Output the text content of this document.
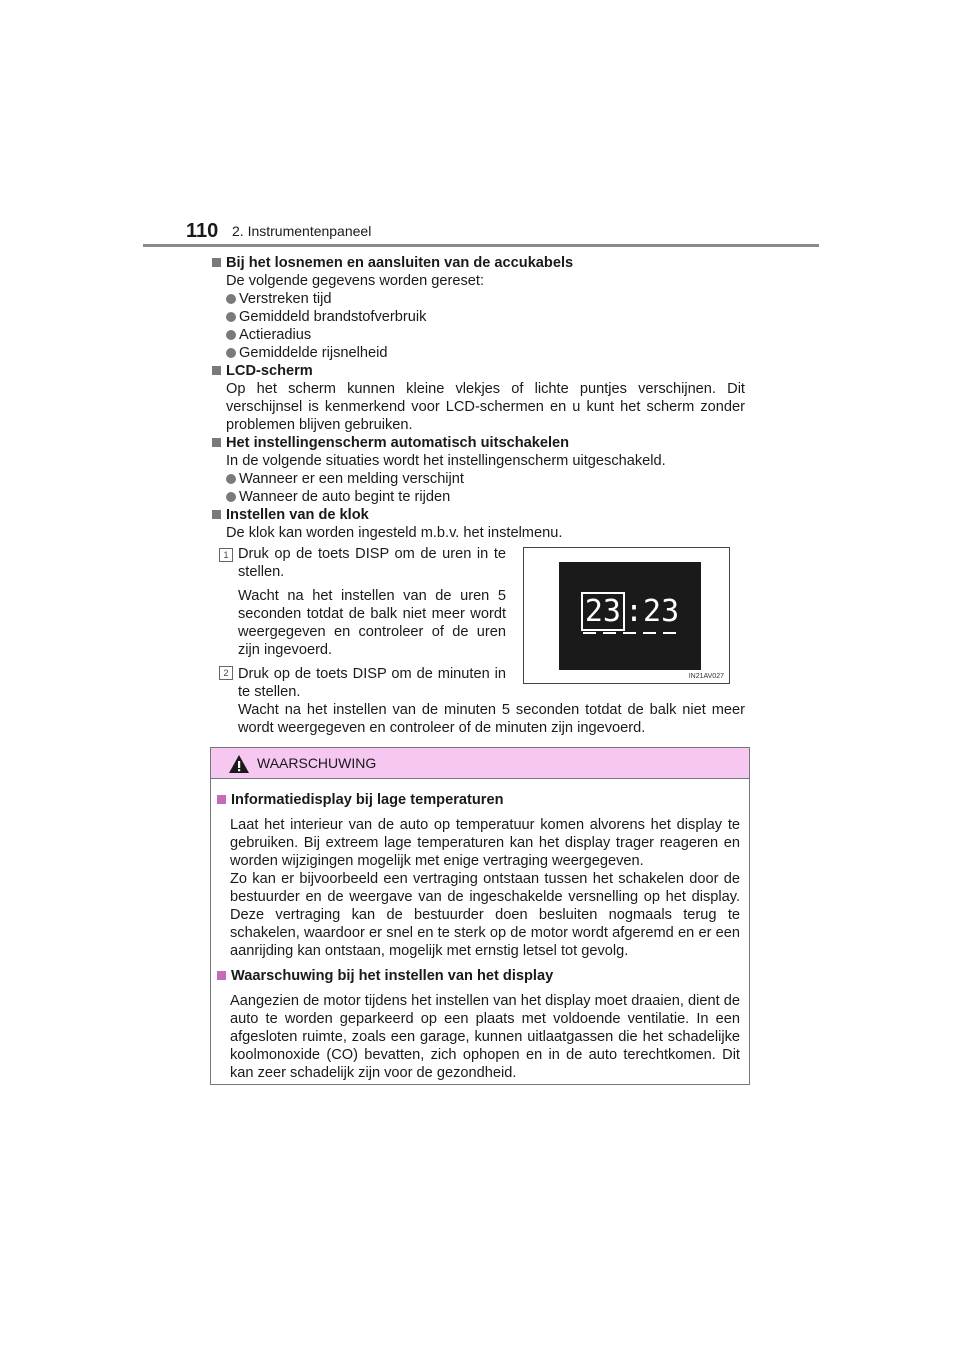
110 2. Instrumentenpaneel
Bij het losnemen en aansluiten van de accukabels
De volgende gegevens worden gereset:
Verstreken tijd
Gemiddeld brandstofverbruik
Actieradius
Gemiddelde rijsnelheid
LCD-scherm
Op het scherm kunnen kleine vlekjes of lichte puntjes verschijnen. Dit verschijnsel is kenmerkend voor LCD-schermen en u kunt het scherm zonder problemen blijven gebruiken.
Het instellingenscherm automatisch uitschakelen
In de volgende situaties wordt het instellingenscherm uitgeschakeld.
Wanneer er een melding verschijnt
Wanneer de auto begint te rijden
Instellen van de klok
De klok kan worden ingesteld m.b.v. het instelmenu.
1 Druk op de toets DISP om de uren in te stellen.
Wacht na het instellen van de uren 5 seconden totdat de balk niet meer wordt weergegeven en controleer of de uren zijn ingevoerd.
2 Druk op de toets DISP om de minuten in te stellen.
Wacht na het instellen van de minuten 5 seconden totdat de balk niet meer wordt weergegeven en controleer of de minuten zijn ingevoerd.
23 :23
IN21AV027
WAARSCHUWING
Informatiedisplay bij lage temperaturen
Laat het interieur van de auto op temperatuur komen alvorens het display te gebruiken. Bij extreem lage temperaturen kan het display trager reageren en worden wijzigingen mogelijk met enige vertraging weergegeven.
Zo kan er bijvoorbeeld een vertraging ontstaan tussen het schakelen door de bestuurder en de weergave van de ingeschakelde versnelling op het display. Deze vertraging kan de bestuurder doen besluiten nogmaals terug te schakelen, waardoor er snel en te sterk op de motor wordt afgeremd en er een aanrijding kan ontstaan, mogelijk met ernstig letsel tot gevolg.
Waarschuwing bij het instellen van het display
Aangezien de motor tijdens het instellen van het display moet draaien, dient de auto te worden geparkeerd op een plaats met voldoende ventilatie. In een afgesloten ruimte, zoals een garage, kunnen uitlaatgassen die het schadelijke koolmonoxide (CO) bevatten, zich ophopen en in de auto terechtkomen. Dit kan zeer schadelijk zijn voor de gezondheid.
